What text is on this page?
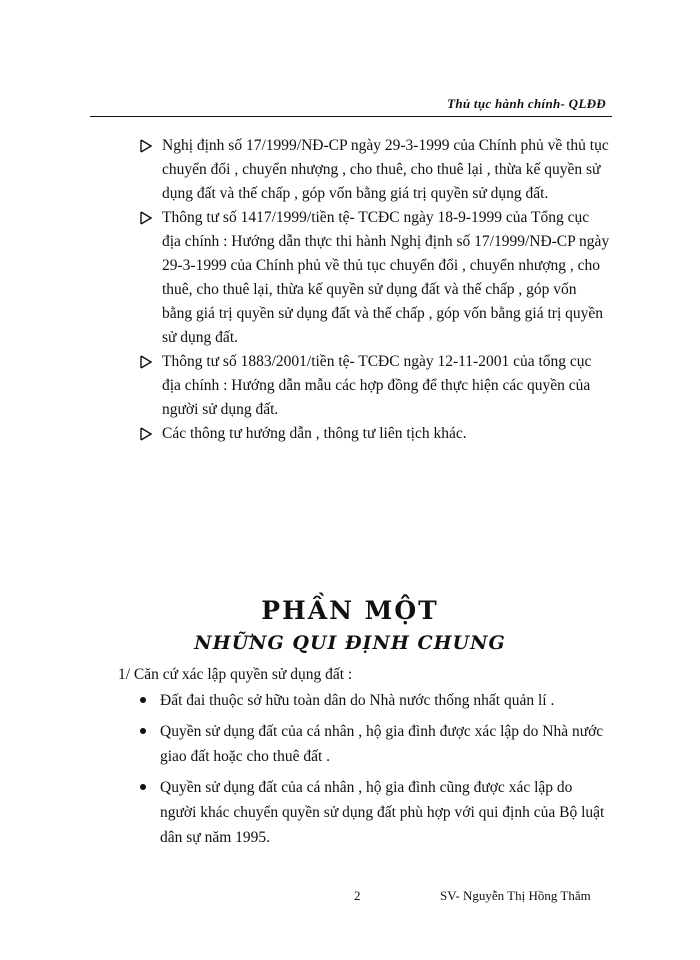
Thủ tục hành chính- QLĐĐ
Nghị định số 17/1999/NĐ-CP ngày 29-3-1999 của Chính phủ về thủ tục chuyển đổi , chuyển nhượng , cho thuê, cho thuê lại , thừa kế quyền sử dụng đất và thế chấp , góp vốn bằng giá trị quyền sử dụng đất.
Thông tư số 1417/1999/tiền tệ- TCĐC ngày 18-9-1999 của Tổng cục địa chính : Hướng dẫn thực thi hành Nghị định số 17/1999/NĐ-CP ngày 29-3-1999 của Chính phủ về thủ tục chuyển đổi , chuyển nhượng , cho thuê, cho thuê lại, thừa kế quyền sử dụng đất và thế chấp , góp vốn bằng giá trị quyền sử dụng đất và thế chấp , góp vốn bằng giá trị quyền sử dụng đất.
Thông tư số 1883/2001/tiền tệ- TCĐC ngày 12-11-2001 của tổng cục địa chính : Hướng dẫn mẫu các hợp đồng để thực hiện các quyền của người sử dụng đất.
Các thông tư hướng dẫn , thông tư liên tịch khác.
PHẦN MỘT
NHỮNG QUI ĐỊNH CHUNG
1/ Căn cứ xác lập quyền sử dụng đất :
Đất đai thuộc sở hữu toàn dân do Nhà nước thống nhất quản lí .
Quyền sử dụng đất của cá nhân , hộ gia đình được xác lập do Nhà nước giao đất hoặc cho thuê đất .
Quyền sử dụng đất của cá nhân , hộ gia đình cũng được xác lập do người khác chuyển quyền sử dụng đất phù hợp với qui định của Bộ luật dân sự năm 1995.
2	SV- Nguyễn Thị Hồng Thắm
